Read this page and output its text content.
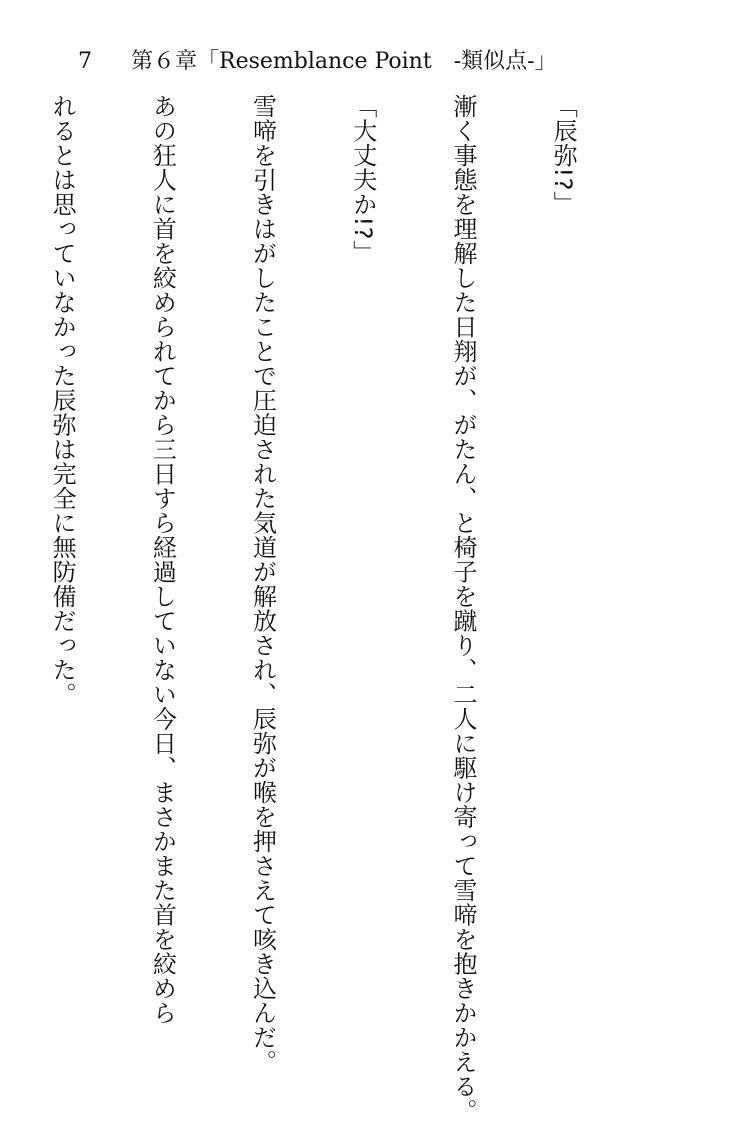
7 第６章「Resemblance Point　-類似点-」

「辰弥!?」

漸く事態を理解した日翔が、がたん、と椅子を蹴り、二人に駆け寄って雪啼を抱きかかえる。

「大丈夫か!?」

雪啼を引きはがしたことで圧迫された気道が解放され、辰弥が喉を押さえて咳き込んだ。

あの狂人に首を絞められてから三日すら経過していない今日、まさかまた首を絞めら

れるとは思っていなかった辰弥は完全に無防備だった。
